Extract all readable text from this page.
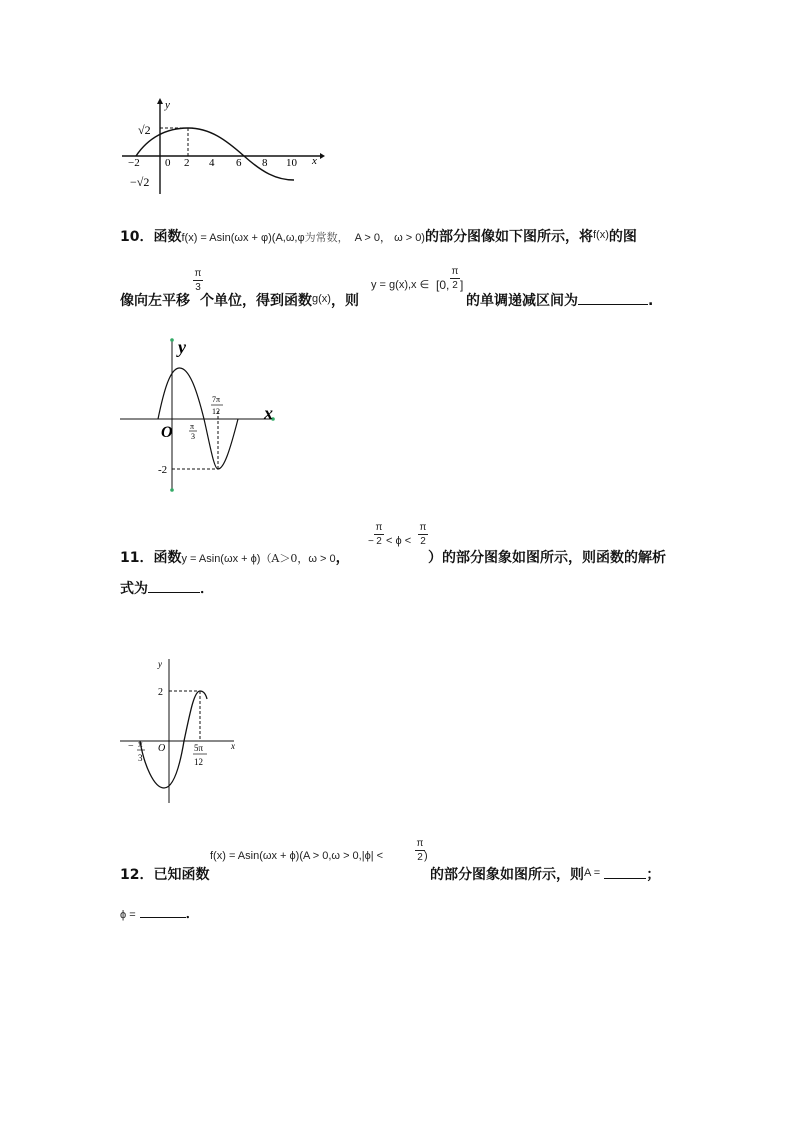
y
x
−2 0 2 4 6 8 10
√2
−√2
10．函数f(x) = Asin(ωx + φ)(A,ω,φ为常数， A > 0， ω > 0)的部分图像如下图所示，将$^{f(x)}$的图
像向左平移 个单位，得到函数$^{g(x)}$，则
π
3	y = g(x),x ∈ [0,
π
2 ]
的单调递减区间为	.
y
x
O
-2
π
3
7π
12
11．函数y = Asin(ωx + ϕ)（A＞0，ω > 0，
−
π
2 < ϕ <
π
2
）的部分图象如图所示，则函数的解析
式为	．
y
x
O
2
− π
3
5π
12
f(x) = Asin(ωx + ϕ)(A > 0,ω > 0,|ϕ| <
π
2 )
12．已知函数	的部分图象如图所示，则$^{A =}$	；
ϕ =	．
